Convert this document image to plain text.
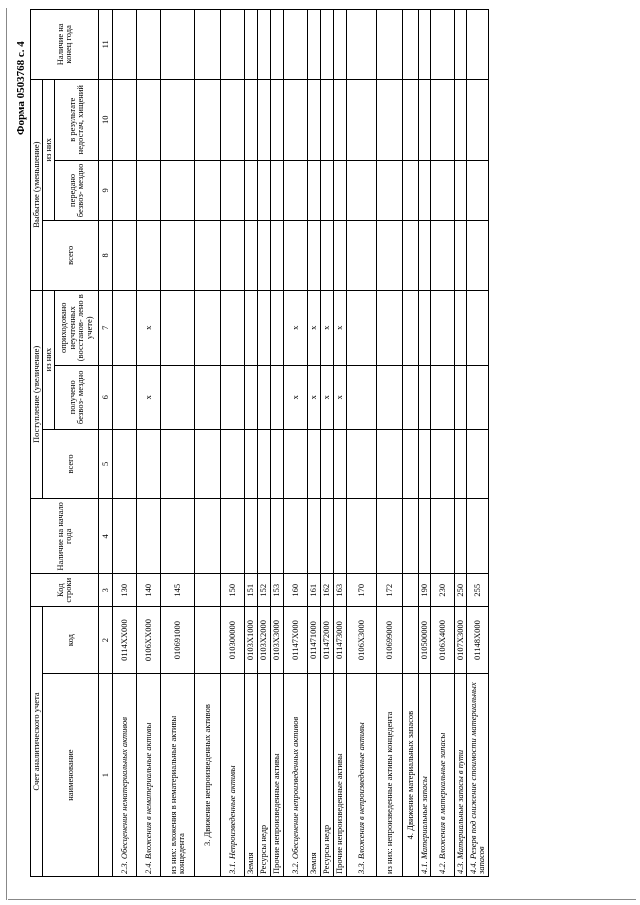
Форма 0503768 с. 4
Счет аналитического учета		Код строки	Наличие на начало года	Поступление (увеличение)			Выбытие (уменьшение)			Наличие на конец года
наименование	код			всего	из них		всего	из них		
					получено безвоз- мездно	оприходовано неучтенных (восстанов- лено в учете)		передано безвоз- мездно	в результате недостач, хищений	

1	2	3	4	5	6	7	8	9	10	11
2.3. Обесценение нематериальных активов	0114ХХ000	130								
2.4. Вложения в нематериальные активы	0106ХХ000	140			х	х				
из них: вложения в нематериальные активы концедента	010691000	145								
3. Движение непроизведенных активов										
3.1. Непроизведенные активы	010300000	150								
Земля	0103Х1000	151								
Ресурсы недр	0103Х2000	152								
Прочие непроизведенные активы	0103Х3000	153								
3.2. Обесценение непроизведенных активов	01147Х000	160			х	х				
Земля	011471000	161			х	х				
Ресурсы недр	011472000	162			х	х				
Прочие непроизведенные активы	011473000	163			х	х				
3.3. Вложения в непроизведенные активы	0106Х3000	170								
из них: непроизведенные активы концедента	010699000	172								
4. Движение материальных запасов										
4.1. Материальные запасы	010500000	190								
4.2. Вложения в материальные запасы	0106Х4000	230								
4.3. Материальные запасы в пути	0107Х3000	250								
4.4. Резерв под снижение стоимости материальных запасов	01148Х000	255								
